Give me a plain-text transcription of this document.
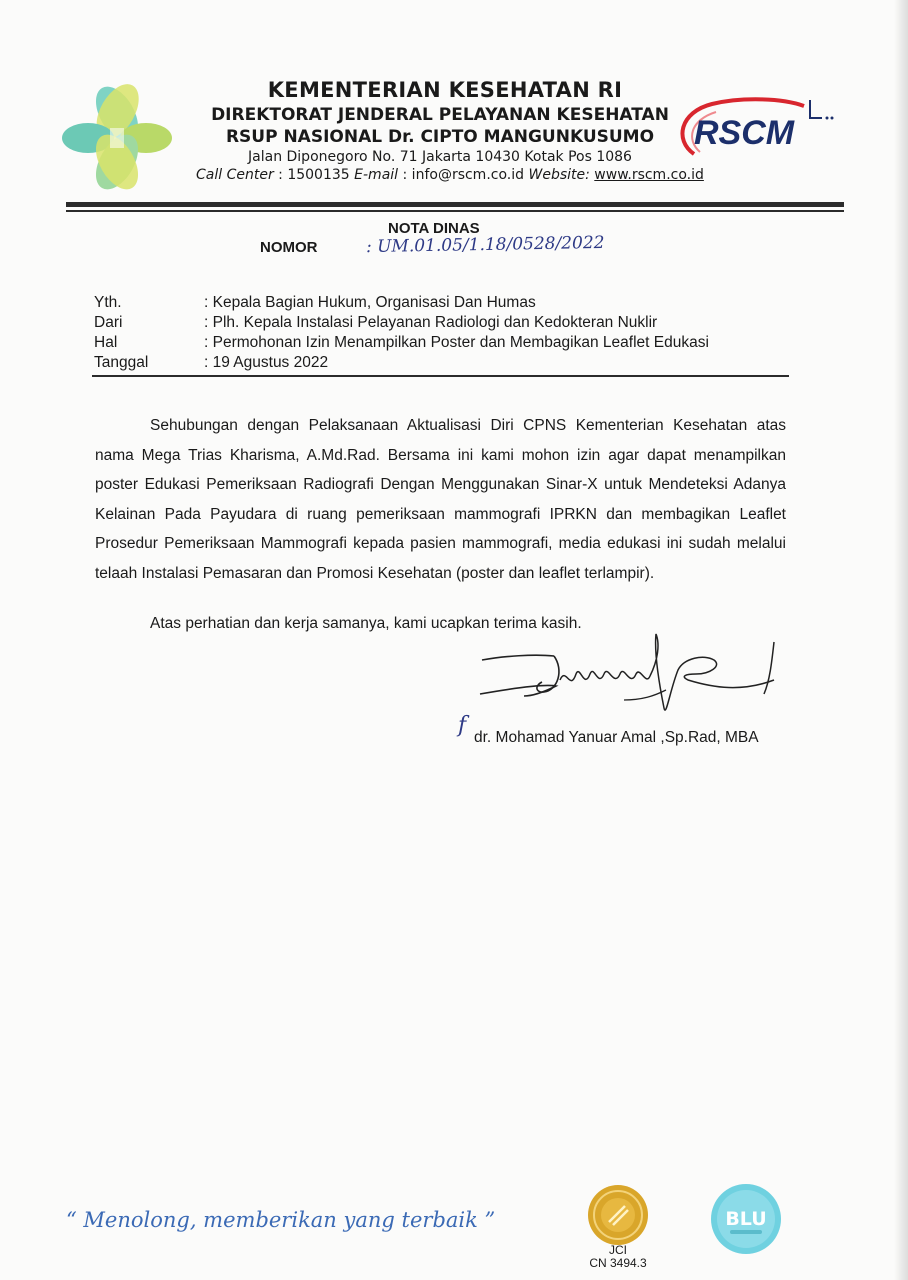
KEMENTERIAN KESEHATAN RI
DIREKTORAT JENDERAL PELAYANAN KESEHATAN
RSUP NASIONAL Dr. CIPTO MANGUNKUSUMO
Jalan Diponegoro No. 71 Jakarta 10430 Kotak Pos 1086
Call Center : 1500135 E-mail : info@rscm.co.id Website: www.rscm.co.id
RSCM
NOTA DINAS
NOMOR	: UM.01.05/1.18/0528/2022
Yth.	: Kepala Bagian Hukum, Organisasi Dan Humas
Dari	: Plh. Kepala Instalasi Pelayanan Radiologi dan Kedokteran Nuklir
Hal	: Permohonan Izin Menampilkan Poster dan Membagikan Leaflet Edukasi
Tanggal	: 19 Agustus 2022

Sehubungan dengan Pelaksanaan Aktualisasi Diri CPNS Kementerian Kesehatan atas nama Mega Trias Kharisma, A.Md.Rad. Bersama ini kami mohon izin agar dapat menampilkan poster Edukasi Pemeriksaan Radiografi Dengan Menggunakan Sinar-X untuk Mendeteksi Adanya Kelainan Pada Payudara di ruang pemeriksaan mammografi IPRKN dan membagikan Leaflet Prosedur Pemeriksaan Mammografi kepada pasien mammografi, media edukasi ini sudah melalui telaah Instalasi Pemasaran dan Promosi Kesehatan (poster dan leaflet terlampir).

Atas perhatian dan kerja samanya, kami ucapkan terima kasih.
f dr. Mohamad Yanuar Amal ,Sp.Rad, MBA
“ Menolong, memberikan yang terbaik ”
JCI
CN 3494.3
BLU
